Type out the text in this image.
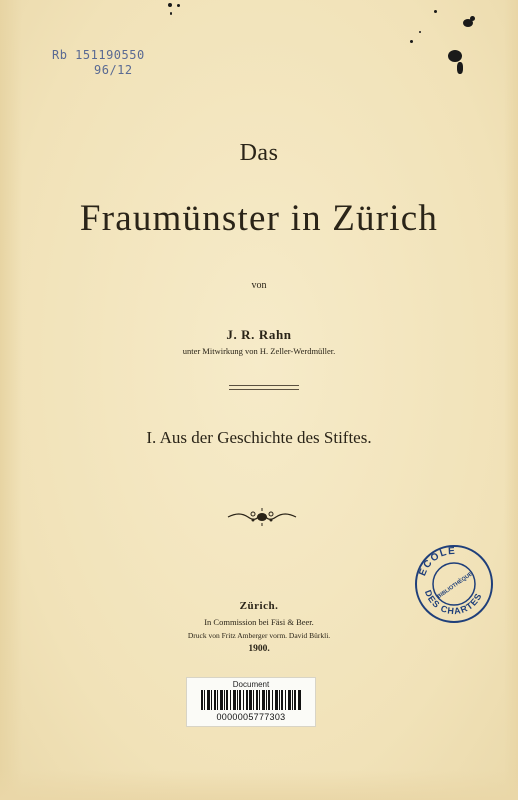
Rb 151190550
96/12
Das
Fraumünster in Zürich
von
J. R. Rahn
unter Mitwirkung von H. Zeller-Werdmüller.
I. Aus der Geschichte des Stiftes.
Zürich.
In Commission bei Fäsi & Beer.
Druck von Fritz Amberger vorm. David Bürkli.
1900.
ECOLE
DES CHARTES
BIBLIOTHÈQUE
Document
0000005777303
